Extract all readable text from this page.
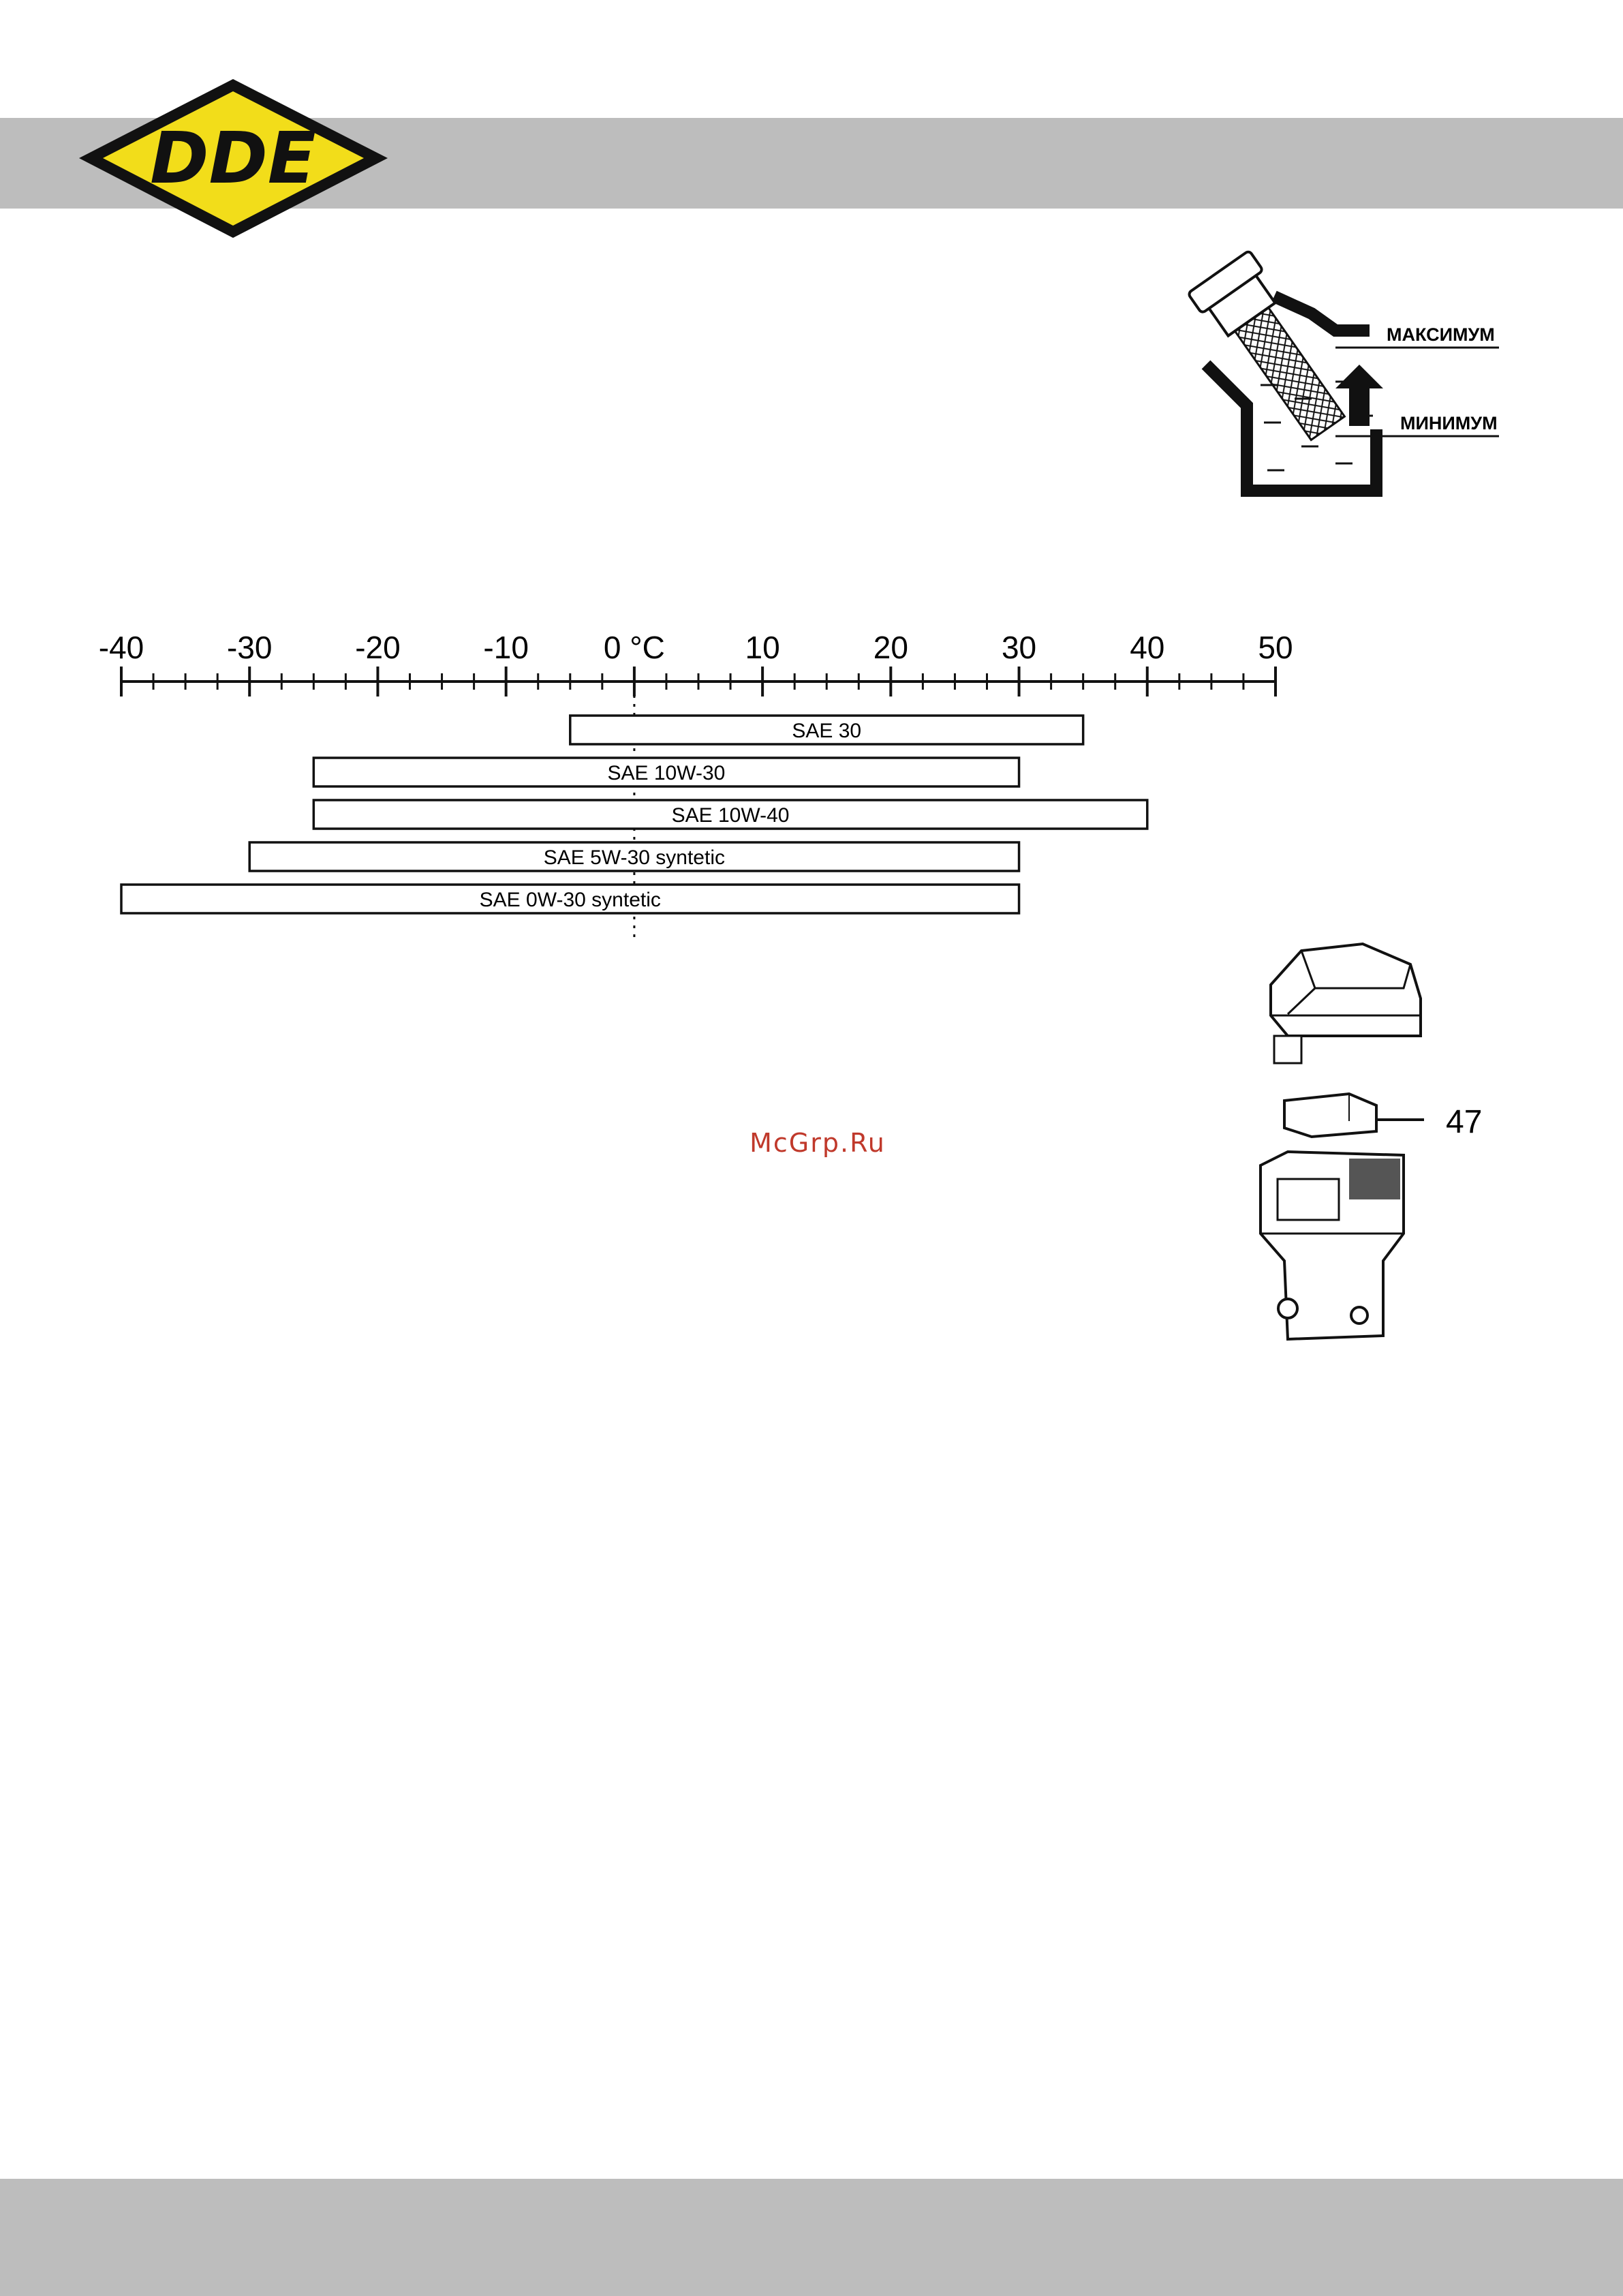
DDE
МАКСИМУМ
МИНИМУМ
-40	-30	-20	-10 0 °C	10	20	30	40	50
SAE 30
SAE 10W-30
SAE 10W-40
SAE 5W-30 syntetic
SAE 0W-30 syntetic
47
McGrp.Ru
